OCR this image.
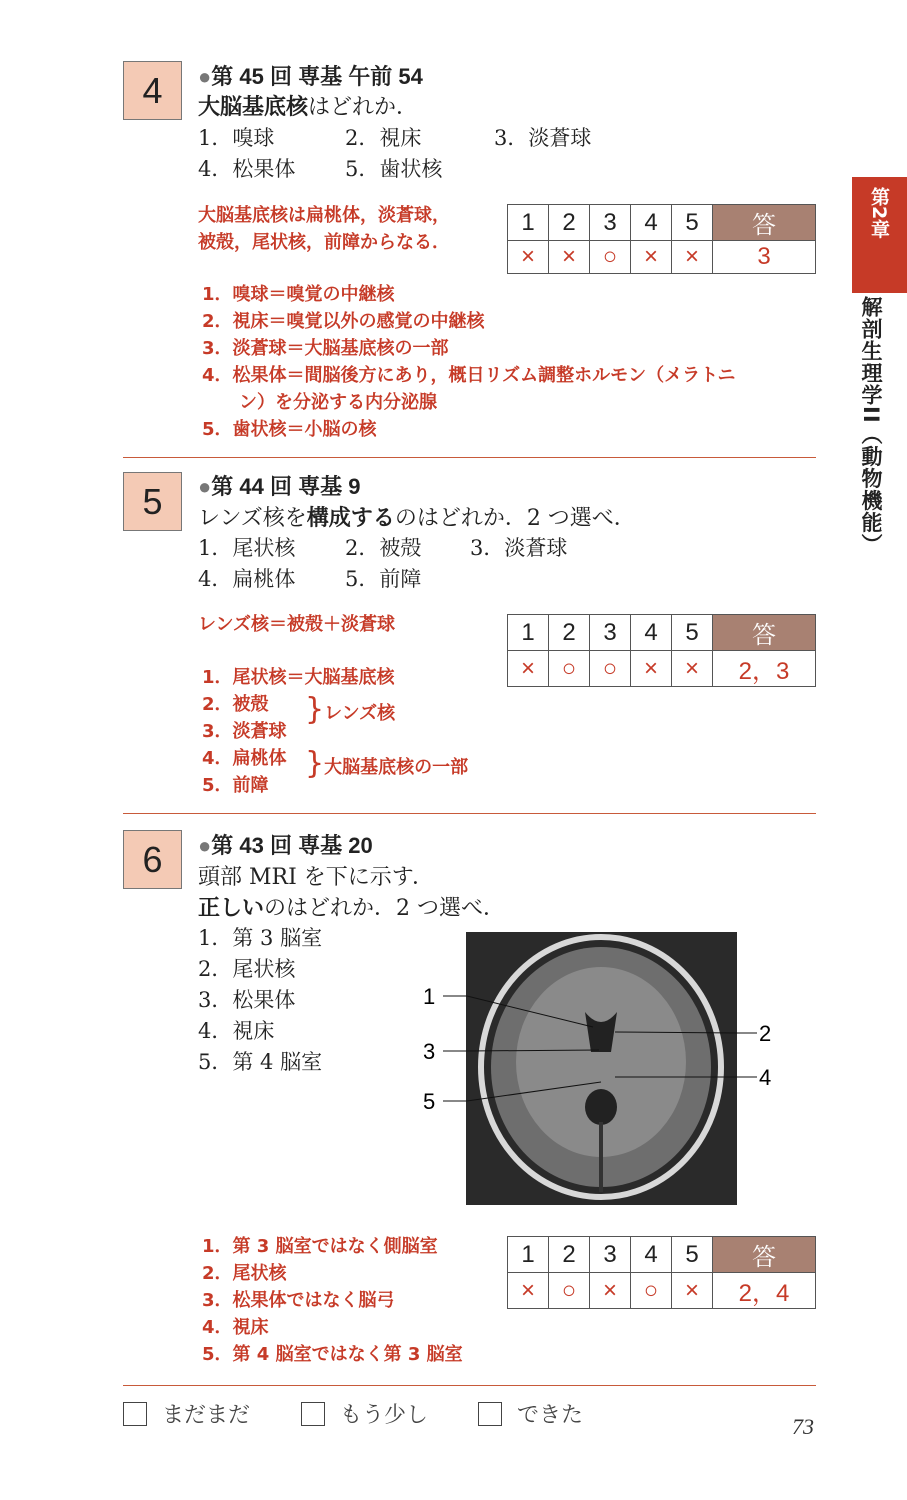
第2章
解剖生理学II（動物機能）
4	●第 45 回 専基 午前 54
大脳基底核はどれか．
1．嗅球	2．視床	3．淡蒼球
4．松果体 5．歯状核
大脳基底核は扁桃体，淡蒼球，
被殻，尾状核，前障からなる．
1	2	3	4	5	答
×	×	○	×	×	3
1．嗅球＝嗅覚の中継核
2．視床＝嗅覚以外の感覚の中継核
3．淡蒼球＝大脳基底核の一部
4．松果体＝間脳後方にあり，概日リズム調整ホルモン（メラトニ
ン）を分泌する内分泌腺
5．歯状核＝小脳の核
5	●第 44 回 専基 9
レンズ核を構成するのはどれか．2 つ選べ．
1．尾状核 2．被殻 3．淡蒼球
4．扁桃体 5．前障
レンズ核＝被殻＋淡蒼球	1	2	3	4	5	答
×	○	○	×	×	2，3
1．尾状核＝大脳基底核
2．被殻
3．淡蒼球
4．扁桃体
5．前障
}レンズ核
}大脳基底核の一部
6	●第 43 回 専基 20
頭部 MRI を下に示す．
正しいのはどれか．2 つ選べ．
1．第 3 脳室
2．尾状核
3．松果体
4．視床
5．第 4 脳室
1
2
3
4
5
1	2	3	4	5	答
×	○	×	○	×	2，4
1．第 3 脳室ではなく側脳室
2．尾状核
3．松果体ではなく脳弓
4．視床
5．第 4 脳室ではなく第 3 脳室
まだまだ	もう少し	できた	73
